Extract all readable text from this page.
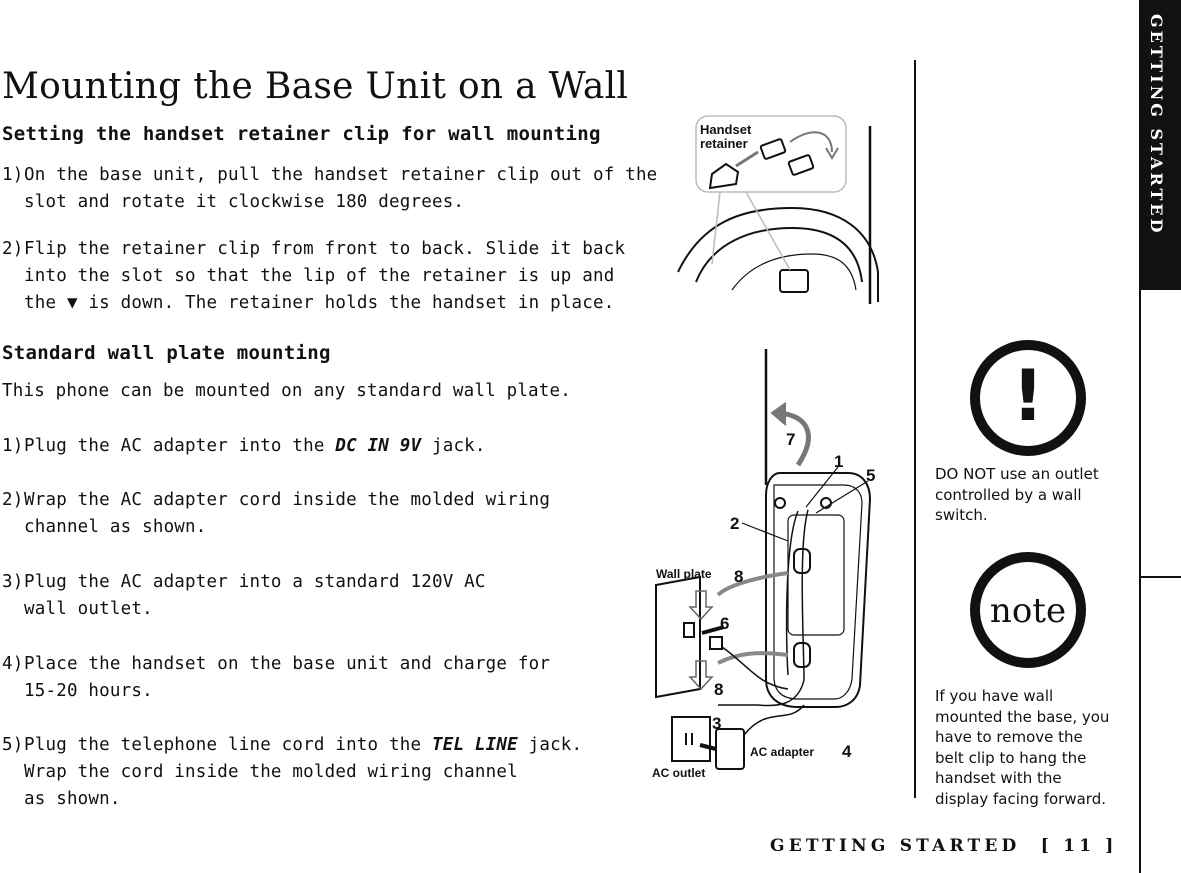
Mounting the Base Unit on a Wall
Setting the handset retainer clip for wall mounting
1)On the base unit, pull the handset retainer clip out of the
slot and rotate it clockwise 180 degrees.
2)Flip the retainer clip from front to back. Slide it back
into the slot so that the lip of the retainer is up and
the ▼ is down. The retainer holds the handset in place.
Standard wall plate mounting
This phone can be mounted on any standard wall plate.
1)Plug the AC adapter into the DC IN 9V jack.
2)Wrap the AC adapter cord inside the molded wiring
channel as shown.
3)Plug the AC adapter into a standard 120V AC
wall outlet.
4)Place the handset on the base unit and charge for
15-20 hours.
5)Plug the telephone line cord into the TEL LINE jack.
Wrap the cord inside the molded wiring channel
as shown.
Handset
retainer
7
1
5
2
8
6
8
3
4
Wall plate
AC adapter
AC outlet
!
DO NOT use an outlet
controlled by a wall
switch.
note
If you have wall
mounted the base, you
have to remove the
belt clip to hang the
handset with the
display facing forward.
GETTING STARTED
GETTING STARTED [ 11 ]
